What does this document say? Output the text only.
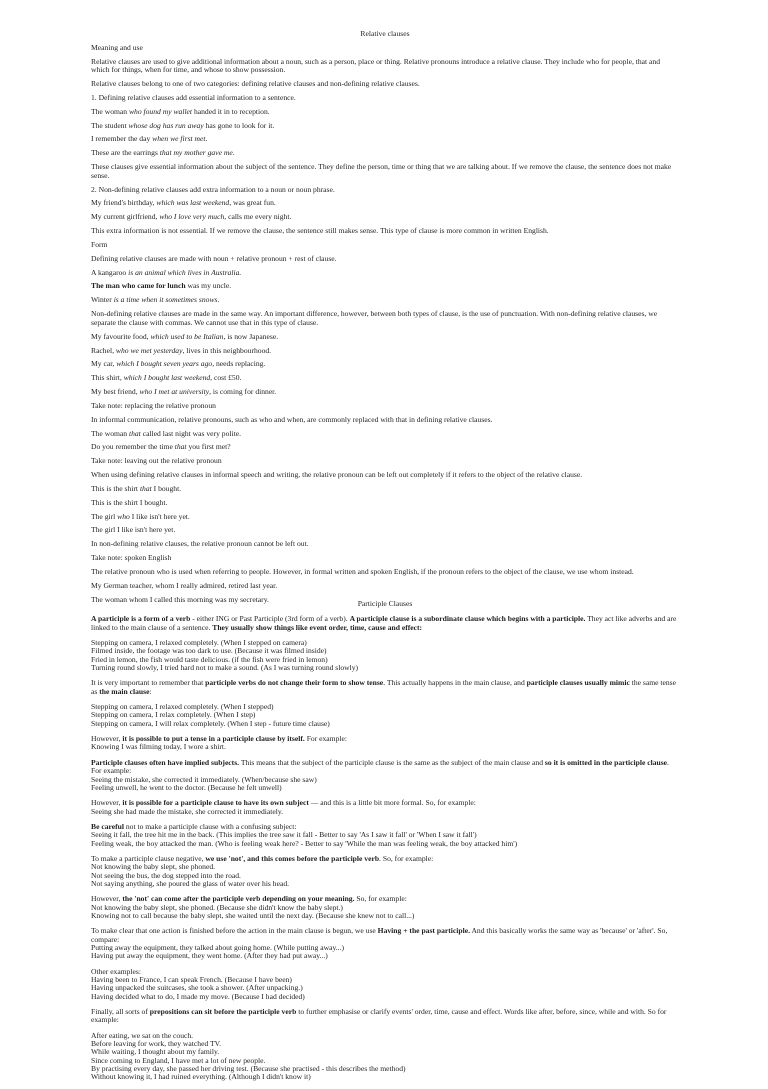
Relative clauses
Meaning and use
Relative clauses are used to give additional information about a noun, such as a person, place or thing. Relative pronouns introduce a relative clause. They include who for people, that and which for things, when for time, and whose to show possession.
Relative clauses belong to one of two categories: defining relative clauses and non-defining relative clauses.
1. Defining relative clauses add essential information to a sentence.
The woman who found my wallet handed it in to reception.
The student whose dog has run away has gone to look for it.
I remember the day when we first met.
These are the earrings that my mother gave me.
These clauses give essential information about the subject of the sentence. They define the person, time or thing that we are talking about. If we remove the clause, the sentence does not make sense.
2. Non-defining relative clauses add extra information to a noun or noun phrase.
My friend's birthday, which was last weekend, was great fun.
My current girlfriend, who I love very much, calls me every night.
This extra information is not essential. If we remove the clause, the sentence still makes sense. This type of clause is more common in written English.
Form
Defining relative clauses are made with noun + relative pronoun + rest of clause.
A kangaroo is an animal which lives in Australia.
The man who came for lunch was my uncle.
Winter is a time when it sometimes snows.
Non-defining relative clauses are made in the same way. An important difference, however, between both types of clause, is the use of punctuation. With non-defining relative clauses, we separate the clause with commas. We cannot use that in this type of clause.
My favourite food, which used to be Italian, is now Japanese.
Rachel, who we met yesterday, lives in this neighbourhood.
My car, which I bought seven years ago, needs replacing.
This shirt, which I bought last weekend, cost £50.
My best friend, who I met at university, is coming for dinner.
Take note: replacing the relative pronoun
In informal communication, relative pronouns, such as who and when, are commonly replaced with that in defining relative clauses.
The woman that called last night was very polite.
Do you remember the time that you first met?
Take note: leaving out the relative pronoun
When using defining relative clauses in informal speech and writing, the relative pronoun can be left out completely if it refers to the object of the relative clause.
This is the shirt that I bought.
This is the shirt I bought.
The girl who I like isn't here yet.
The girl I like isn't here yet.
In non-defining relative clauses, the relative pronoun cannot be left out.
Take note: spoken English
The relative pronoun who is used when referring to people. However, in formal written and spoken English, if the pronoun refers to the object of the clause, we use whom instead.
My German teacher, whom I really admired, retired last year.
The woman whom I called this morning was my secretary.	Participle Clauses
A participle is a form of a verb - either ING or Past Participle (3rd form of a verb). A participle clause is a subordinate clause which begins with a participle. They act like adverbs and are linked to the main clause of a sentence. They usually show things like event order, time, cause and effect:
Stepping on camera, I relaxed completely. (When I stepped on camera)
Filmed inside, the footage was too dark to use. (Because it was filmed inside)
Fried in lemon, the fish would taste delicious. (if the fish were fried in lemon)
Turning round slowly, I tried hard not to make a sound. (As I was turning round slowly)
It is very important to remember that participle verbs do not change their form to show tense. This actually happens in the main clause, and participle clauses usually mimic the same tense as the main clause:
Stepping on camera, I relaxed completely. (When I stepped)
Stepping on camera, I relax completely. (When I step)
Stepping on camera, I will relax completely. (When I step - future time clause)
However, it is possible to put a tense in a participle clause by itself. For example:
Knowing I was filming today, I wore a shirt.
Participle clauses often have implied subjects. This means that the subject of the participle clause is the same as the subject of the main clause and so it is omitted in the participle clause. For example:
Seeing the mistake, she corrected it immediately. (When/because she saw)
Feeling unwell, he went to the doctor. (Because he felt unwell)
However, it is possible for a participle clause to have its own subject — and this is a little bit more formal. So, for example:
Seeing she had made the mistake, she corrected it immediately.
Be careful not to make a participle clause with a confusing subject:
Seeing it fall, the tree hit me in the back. (This implies the tree saw it fall - Better to say 'As I saw it fall' or 'When I saw it fall')
Feeling weak, the boy attacked the man. (Who is feeling weak here? - Better to say 'While the man was feeling weak, the boy attacked him')
To make a participle clause negative, we use 'not', and this comes before the participle verb. So, for example:
Not knowing the baby slept, she phoned.
Not seeing the bus, the dog stepped into the road.
Not saying anything, she poured the glass of water over his head.
However, the 'not' can come after the participle verb depending on your meaning. So, for example:
Not knowing the baby slept, she phoned. (Because she didn't know the baby slept.)
Knowing not to call because the baby slept, she waited until the next day. (Because she knew not to call...)
To make clear that one action is finished before the action in the main clause is begun, we use Having + the past participle. And this basically works the same way as 'because' or 'after'. So, compare:
Putting away the equipment, they talked about going home. (While putting away...)
Having put away the equipment, they went home. (After they had put away...)
Other examples:
Having been to France, I can speak French. (Because I have been)
Having unpacked the suitcases, she took a shower. (After unpacking.)
Having decided what to do, I made my move. (Because I had decided)
Finally, all sorts of prepositions can sit before the participle verb to further emphasise or clarify events' order, time, cause and effect. Words like after, before, since, while and with. So for example:
After eating, we sat on the couch.
Before leaving for work, they watched TV.
While waiting, I thought about my family.
Since coming to England, I have met a lot of new people.
By practising every day, she passed her driving test. (Because she practised - this describes the method)
Without knowing it, I had ruined everything. (Although I didn't know it)
